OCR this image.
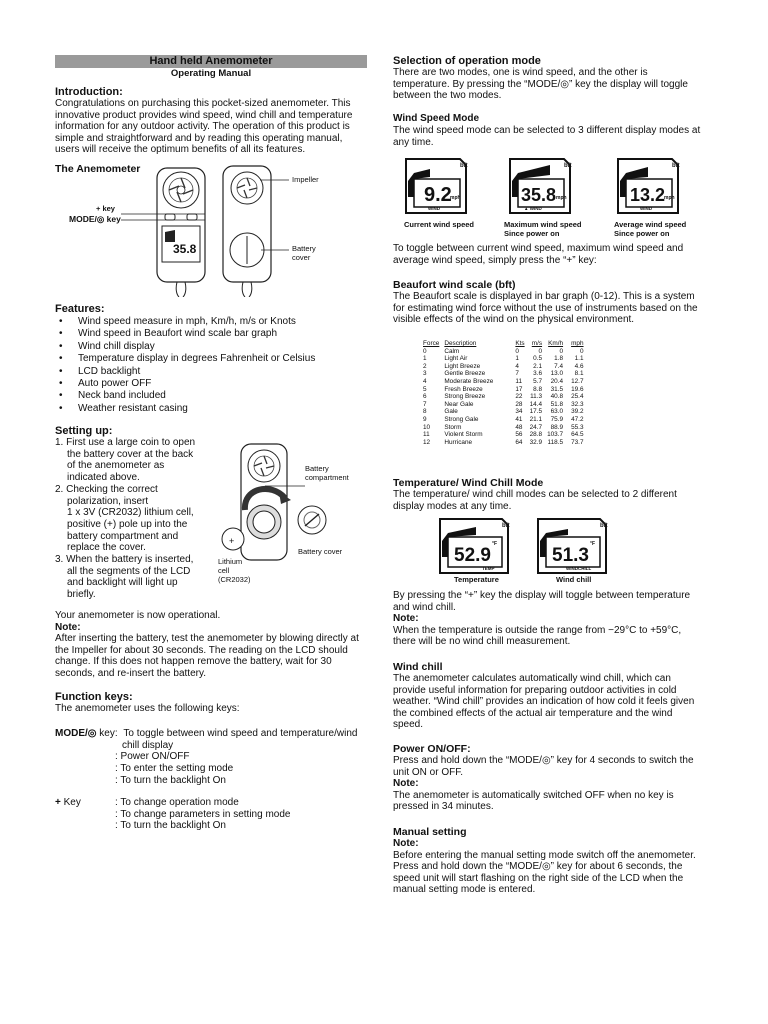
Hand held Anemometer
Operating Manual

Introduction:

Congratulations on purchasing this pocket-sized anemometer. This

innovative product provides wind speed, wind chill and temperature

information for any outdoor activity. The operation of this product is

simple and straightforward and by reading this operating manual,

users will receive the optimum benefits of all its features.

The Anemometer

35.8
+ key
MODE/◎ key
Impeller
Battery
cover

Features:

• Wind speed measure in mph, Km/h, m/s or Knots
• Wind speed in Beaufort wind scale bar graph
• Wind chill display
• Temperature display in degrees Fahrenheit or Celsius
• LCD backlight
• Auto power OFF
• Neck band included
• Weather resistant casing

Setting up:

1. First use a large coin to open
the battery cover at the back
of the anemometer as
indicated above.
2. Checking the correct
polarization, insert
1 x 3V (CR2032) lithium cell,
positive (+) pole up into the
battery compartment and
replace the cover.
3. When the battery is inserted,
all the segments of the LCD
and backlight will light up
briefly.
+
Battery
compartment
Lithium
cell
(CR2032)
Battery cover

Your anemometer is now operational.

Note:

After inserting the battery, test the anemometer by blowing directly at

the Impeller for about 30 seconds. The reading on the LCD should

change. If this does not happen remove the battery, wait for 30

seconds, and re-insert the battery.

Function keys:

The anemometer uses the following keys:

MODE/◎ key: To toggle between wind speed and temperature/wind
chill display
: Power ON/OFF
: To enter the setting mode
: To turn the backlight On
+ Key	: To change operation mode
: To change parameters in setting mode
: To turn the backlight On

Selection of operation mode

There are two modes, one is wind speed, and the other is

temperature. By pressing the “MODE/◎” key the display will toggle

between the two modes.

Wind Speed Mode

The wind speed mode can be selected to 3 different display modes at

any time.

bft
9.2
mph
WIND
bft
35.8 mph
▲ WIND
bft
13.2
mph
WIND
Current wind speed	Maximum wind speed
Since power on
Average wind speed
Since power on

To toggle between current wind speed, maximum wind speed and

average wind speed, simply press the “+” key:

Beaufort wind scale (bft)

The Beaufort scale is displayed in bar graph (0-12). This is a system

for estimating wind force without the use of instruments based on the

visible effects of the wind on the physical environment.

Force	Description	Kts	m/s	Km/h	mph
0	Calm	0	0	0	0
1	Light Air	1	0.5	1.8	1.1
2	Light Breeze	4	2.1	7.4	4.6
3	Gentle Breeze	7	3.6	13.0	8.1
4	Moderate Breeze	11	5.7	20.4	12.7
5	Fresh Breeze	17	8.8	31.5	19.6
6	Strong Breeze	22	11.3	40.8	25.4
7	Near Gale	28	14.4	51.8	32.3
8	Gale	34	17.5	63.0	39.2
9	Strong Gale	41	21.1	75.9	47.2
10	Storm	48	24.7	88.9	55.3
11	Violent Storm	56	28.8	103.7	64.5
12	Hurricane	64	32.9	118.5	73.7

Temperature/ Wind Chill Mode

The temperature/ wind chill modes can be selected to 2 different

display modes at any time.

bft
52.9
°F
TEMP
bft
51.3
°F
WINDCHILL
Temperature	Wind chill

By pressing the “+” key the display will toggle between temperature

and wind chill.

Note:

When the temperature is outside the range from −29°C to +59°C,

there will be no wind chill measurement.

Wind chill

The anemometer calculates automatically wind chill, which can

provide useful information for preparing outdoor activities in cold

weather. “Wind chill” provides an indication of how cold it feels given

the combined effects of the actual air temperature and the wind

speed.

Power ON/OFF:

Press and hold down the “MODE/◎” key for 4 seconds to switch the

unit ON or OFF.

Note:

The anemometer is automatically switched OFF when no key is

pressed in 34 minutes.

Manual setting

Note:

Before entering the manual setting mode switch off the anemometer.

Press and hold down the “MODE/◎” key for about 6 seconds, the

speed unit will start flashing on the right side of the LCD when the

manual setting mode is entered.
